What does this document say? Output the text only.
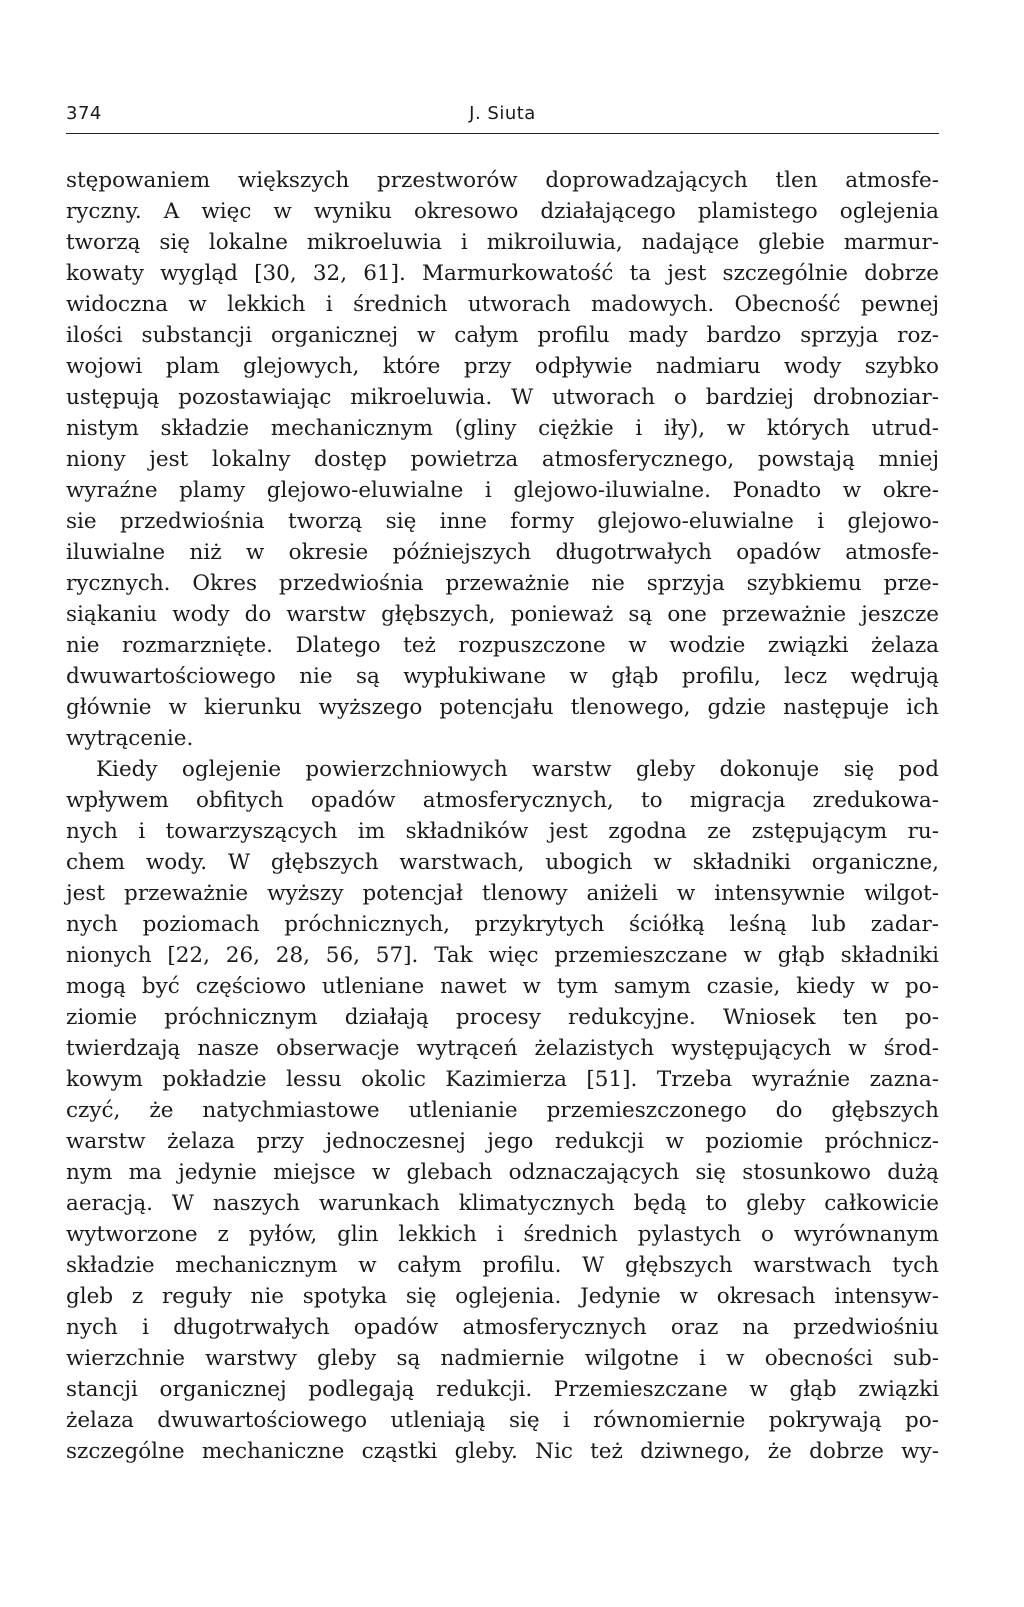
374	J. Siuta
stępowaniem większych przestworów doprowadzających tlen atmosfe-
ryczny. A więc w wyniku okresowo działającego plamistego oglejenia
tworzą się lokalne mikroeluwia i mikroiluwia, nadające glebie marmur-
kowaty wygląd [30, 32, 61]. Marmurkowatość ta jest szczególnie dobrze
widoczna w lekkich i średnich utworach madowych. Obecność pewnej
ilości substancji organicznej w całym profilu mady bardzo sprzyja roz-
wojowi plam glejowych, które przy odpływie nadmiaru wody szybko
ustępują pozostawiając mikroeluwia. W utworach o bardziej drobnoziar-
nistym składzie mechanicznym (gliny ciężkie i iły), w których utrud-
niony jest lokalny dostęp powietrza atmosferycznego, powstają mniej
wyraźne plamy glejowo-eluwialne i glejowo-iluwialne. Ponadto w okre-
sie przedwiośnia tworzą się inne formy glejowo-eluwialne i glejowo-
iluwialne niż w okresie późniejszych długotrwałych opadów atmosfe-
rycznych. Okres przedwiośnia przeważnie nie sprzyja szybkiemu prze-
siąkaniu wody do warstw głębszych, ponieważ są one przeważnie jeszcze
nie rozmarznięte. Dlatego też rozpuszczone w wodzie związki żelaza
dwuwartościowego nie są wypłukiwane w głąb profilu, lecz wędrują
głównie w kierunku wyższego potencjału tlenowego, gdzie następuje ich
wytrącenie.
Kiedy oglejenie powierzchniowych warstw gleby dokonuje się pod
wpływem obfitych opadów atmosferycznych, to migracja zredukowa-
nych i towarzyszących im składników jest zgodna ze zstępującym ru-
chem wody. W głębszych warstwach, ubogich w składniki organiczne,
jest przeważnie wyższy potencjał tlenowy aniżeli w intensywnie wilgot-
nych poziomach próchnicznych, przykrytych ściółką leśną lub zadar-
nionych [22, 26, 28, 56, 57]. Tak więc przemieszczane w głąb składniki
mogą być częściowo utleniane nawet w tym samym czasie, kiedy w po-
ziomie próchnicznym działają procesy redukcyjne. Wniosek ten po-
twierdzają nasze obserwacje wytrąceń żelazistych występujących w środ-
kowym pokładzie lessu okolic Kazimierza [51]. Trzeba wyraźnie zazna-
czyć, że natychmiastowe utlenianie przemieszczonego do głębszych
warstw żelaza przy jednoczesnej jego redukcji w poziomie próchnicz-
nym ma jedynie miejsce w glebach odznaczających się stosunkowo dużą
aeracją. W naszych warunkach klimatycznych będą to gleby całkowicie
wytworzone z pyłów, glin lekkich i średnich pylastych o wyrównanym
składzie mechanicznym w całym profilu. W głębszych warstwach tych
gleb z reguły nie spotyka się oglejenia. Jedynie w okresach intensyw-
nych i długotrwałych opadów atmosferycznych oraz na przedwiośniu
wierzchnie warstwy gleby są nadmiernie wilgotne i w obecności sub-
stancji organicznej podlegają redukcji. Przemieszczane w głąb związki
żelaza dwuwartościowego utleniają się i równomiernie pokrywają po-
szczególne mechaniczne cząstki gleby. Nic też dziwnego, że dobrze wy-
